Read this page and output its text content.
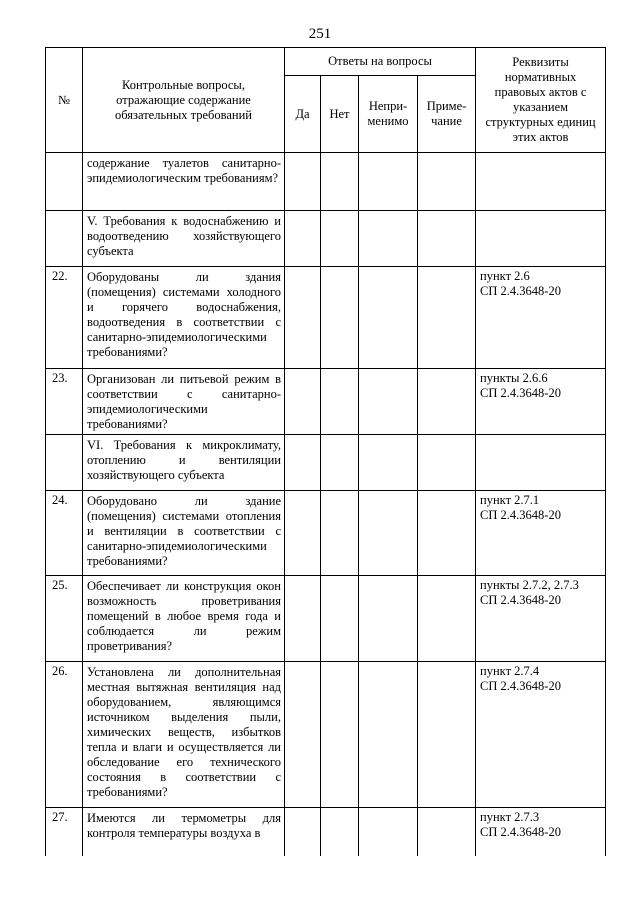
251
№	Контрольные вопросы, отражающие содержание обязательных требований	Ответы на вопросы				Реквизиты нормативных правовых актов с указанием структурных единиц этих актов
		Да	Нет	Непри-менимо	Приме-чание	
	содержание туалетов санитарно-эпидемиологическим требованиям?					

	V. Требования к водоснабжению и водоотведению хозяйствующего субъекта					

22.	Оборудованы ли здания (помещения) системами холодного и горячего водоснабжения, водоотведения в соответствии с санитарно-эпидемиологическими требованиями?					пункт 2.6
СП 2.4.3648-20

23.	Организован ли питьевой режим в соответствии с санитарно-эпидемиологическими требованиями?					пункты 2.6.6
СП 2.4.3648-20

	VI. Требования к микроклимату, отоплению и вентиляции хозяйствующего субъекта					

24.	Оборудовано ли здание (помещения) системами отопления и вентиляции в соответствии с санитарно-эпидемиологическими требованиями?					пункт 2.7.1
СП 2.4.3648-20

25.	Обеспечивает ли конструкция окон возможность проветривания помещений в любое время года и соблюдается ли режим проветривания?					пункты 2.7.2, 2.7.3
СП 2.4.3648-20

26.	Установлена ли дополнительная местная вытяжная вентиляция над оборудованием, являющимся источником выделения пыли, химических веществ, избытков тепла и влаги и осуществляется ли обследование его технического состояния в соответствии с требованиями?					пункт 2.7.4
СП 2.4.3648-20

27.	Имеются ли термометры для контроля температуры воздуха в					пункт 2.7.3
СП 2.4.3648-20
